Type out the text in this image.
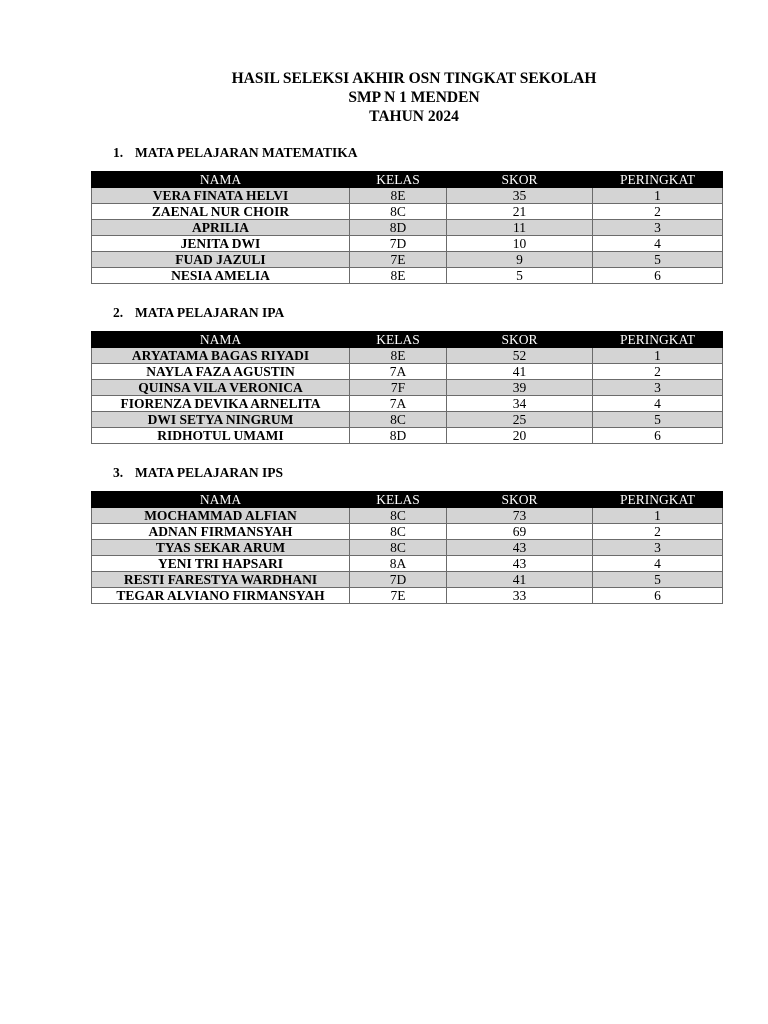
HASIL SELEKSI AKHIR OSN TINGKAT SEKOLAH
SMP N 1 MENDEN
TAHUN 2024
1. MATA PELAJARAN MATEMATIKA
NAMA	KELAS	SKOR	PERINGKAT
VERA FINATA HELVI	8E	35	1
ZAENAL NUR CHOIR	8C	21	2
APRILIA	8D	11	3
JENITA DWI	7D	10	4
FUAD JAZULI	7E	9	5
NESIA AMELIA	8E	5	6
2. MATA PELAJARAN IPA
NAMA	KELAS	SKOR	PERINGKAT
ARYATAMA BAGAS RIYADI	8E	52	1
NAYLA FAZA AGUSTIN	7A	41	2
QUINSA VILA VERONICA	7F	39	3
FIORENZA DEVIKA ARNELITA	7A	34	4
DWI SETYA NINGRUM	8C	25	5
RIDHOTUL UMAMI	8D	20	6
3. MATA PELAJARAN IPS
NAMA	KELAS	SKOR	PERINGKAT
MOCHAMMAD ALFIAN	8C	73	1
ADNAN FIRMANSYAH	8C	69	2
TYAS SEKAR ARUM	8C	43	3
YENI TRI HAPSARI	8A	43	4
RESTI FARESTYA WARDHANI	7D	41	5
TEGAR ALVIANO FIRMANSYAH	7E	33	6
